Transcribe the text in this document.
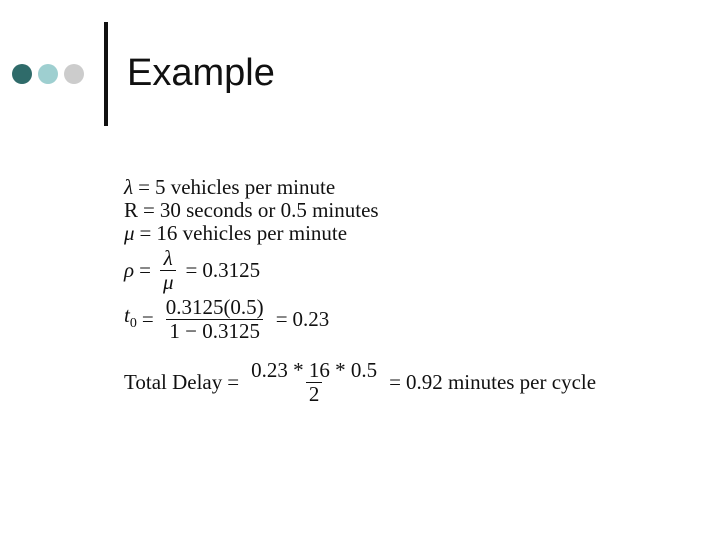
Example
λ = 5 vehicles per minute
R = 30 seconds or 0.5 minutes
μ = 16 vehicles per minute
$\rho = \frac{\lambda}{\mu} = 0.3125$
$t_0 = \frac{0.3125(0.5)}{1 - 0.3125} = 0.23$
Total Delay = $\frac{0.23 * 16 * 0.5}{2} = 0.92$ minutes per cycle
